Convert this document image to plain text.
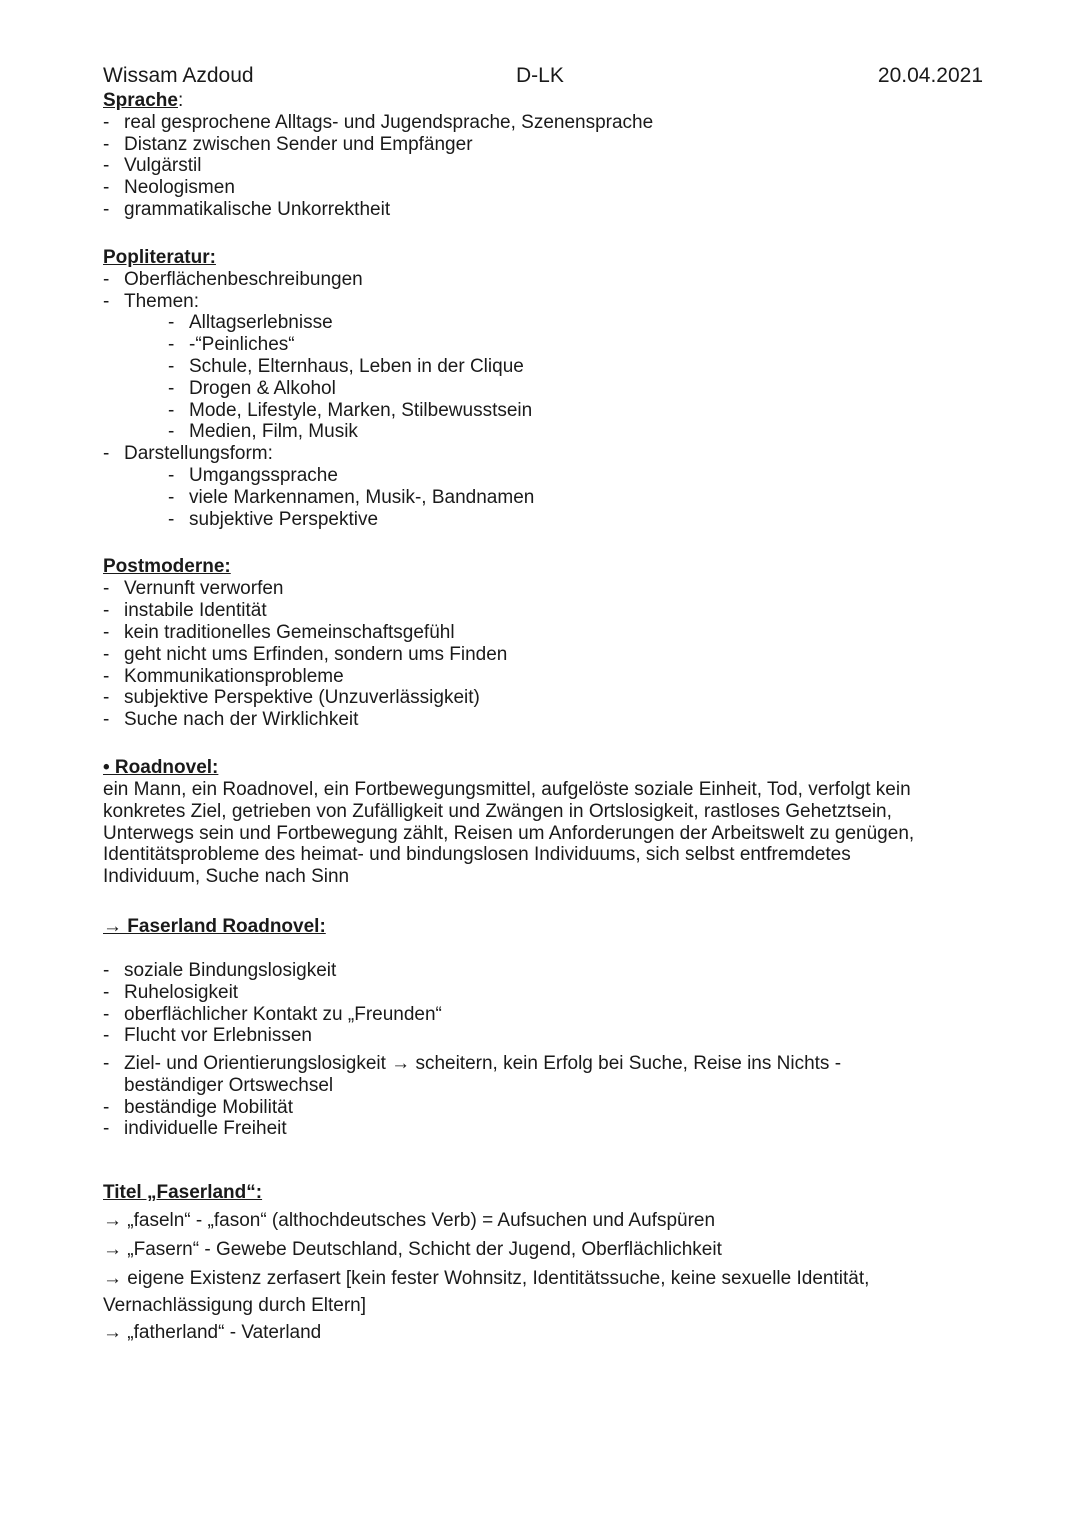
Wissam Azdoud	D-LK	20.04.2021
Sprache:
- real gesprochene Alltags- und Jugendsprache, Szenensprache
- Distanz zwischen Sender und Empfänger
- Vulgärstil
- Neologismen
- grammatikalische Unkorrektheit
Popliteratur:
- Oberflächenbeschreibungen
- Themen:
- Alltagserlebnisse
- -“Peinliches“
- Schule, Elternhaus, Leben in der Clique
- Drogen & Alkohol
- Mode, Lifestyle, Marken, Stilbewusstsein
- Medien, Film, Musik
- Darstellungsform:
- Umgangssprache
- viele Markennamen, Musik-, Bandnamen
- subjektive Perspektive
Postmoderne:
- Vernunft verworfen
- instabile Identität
- kein traditionelles Gemeinschaftsgefühl
- geht nicht ums Erfinden, sondern ums Finden
- Kommunikationsprobleme
- subjektive Perspektive (Unzuverlässigkeit)
- Suche nach der Wirklichkeit
• Roadnovel:
ein Mann, ein Roadnovel, ein Fortbewegungsmittel, aufgelöste soziale Einheit, Tod, verfolgt kein
konkretes Ziel, getrieben von Zufälligkeit und Zwängen in Ortslosigkeit, rastloses Gehetztsein,
Unterwegs sein und Fortbewegung zählt, Reisen um Anforderungen der Arbeitswelt zu genügen,
Identitätsprobleme des heimat- und bindungslosen Individuums, sich selbst entfremdetes
Individuum, Suche nach Sinn
→ Faserland Roadnovel:
- soziale Bindungslosigkeit
- Ruhelosigkeit
- oberflächlicher Kontakt zu „Freunden“
- Flucht vor Erlebnissen
- Ziel- und Orientierungslosigkeit → scheitern, kein Erfolg bei Suche, Reise ins Nichts -
beständiger Ortswechsel
- beständige Mobilität
- individuelle Freiheit
Titel „Faserland“:
→ „faseln“ - „fason“ (althochdeutsches Verb) = Aufsuchen und Aufspüren
→ „Fasern“ - Gewebe Deutschland, Schicht der Jugend, Oberflächlichkeit
→ eigene Existenz zerfasert [kein fester Wohnsitz, Identitätssuche, keine sexuelle Identität,
Vernachlässigung durch Eltern]
→ „fatherland“ - Vaterland
